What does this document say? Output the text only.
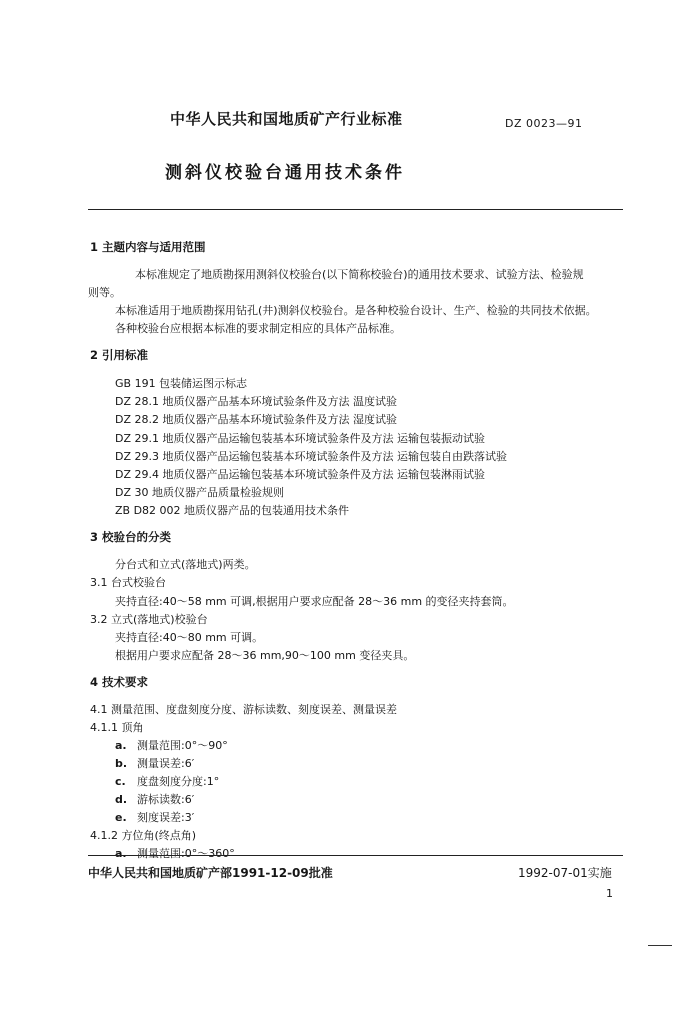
中华人民共和国地质矿产行业标准	DZ 0023—91
测斜仪校验台通用技术条件
1 主题内容与适用范围
本标准规定了地质勘探用测斜仪校验台(以下简称校验台)的通用技术要求、试验方法、检验规
则等。
本标准适用于地质勘探用钻孔(井)测斜仪校验台。是各种校验台设计、生产、检验的共同技术依据。
各种校验台应根据本标准的要求制定相应的具体产品标准。
2 引用标准
GB 191 包装储运图示标志
DZ 28.1 地质仪器产品基本环境试验条件及方法 温度试验
DZ 28.2 地质仪器产品基本环境试验条件及方法 湿度试验
DZ 29.1 地质仪器产品运输包装基本环境试验条件及方法 运输包装振动试验
DZ 29.3 地质仪器产品运输包装基本环境试验条件及方法 运输包装自由跌落试验
DZ 29.4 地质仪器产品运输包装基本环境试验条件及方法 运输包装淋雨试验
DZ 30 地质仪器产品质量检验规则
ZB D82 002 地质仪器产品的包装通用技术条件
3 校验台的分类
分台式和立式(落地式)两类。
3.1 台式校验台
夹持直径:40～58 mm 可调,根据用户要求应配备 28～36 mm 的变径夹持套筒。
3.2 立式(落地式)校验台
夹持直径:40～80 mm 可调。
根据用户要求应配备 28～36 mm,90～100 mm 变径夹具。
4 技术要求
4.1 测量范围、度盘刻度分度、游标读数、刻度误差、测量误差
4.1.1 顶角
a. 测量范围:0°～90°
b. 测量误差:6′
c. 度盘刻度分度:1°
d. 游标读数:6′
e. 刻度误差:3′
4.1.2 方位角(终点角)
a. 测量范围:0°～360°
中华人民共和国地质矿产部1991-12-09批准	1992-07-01实施
1
